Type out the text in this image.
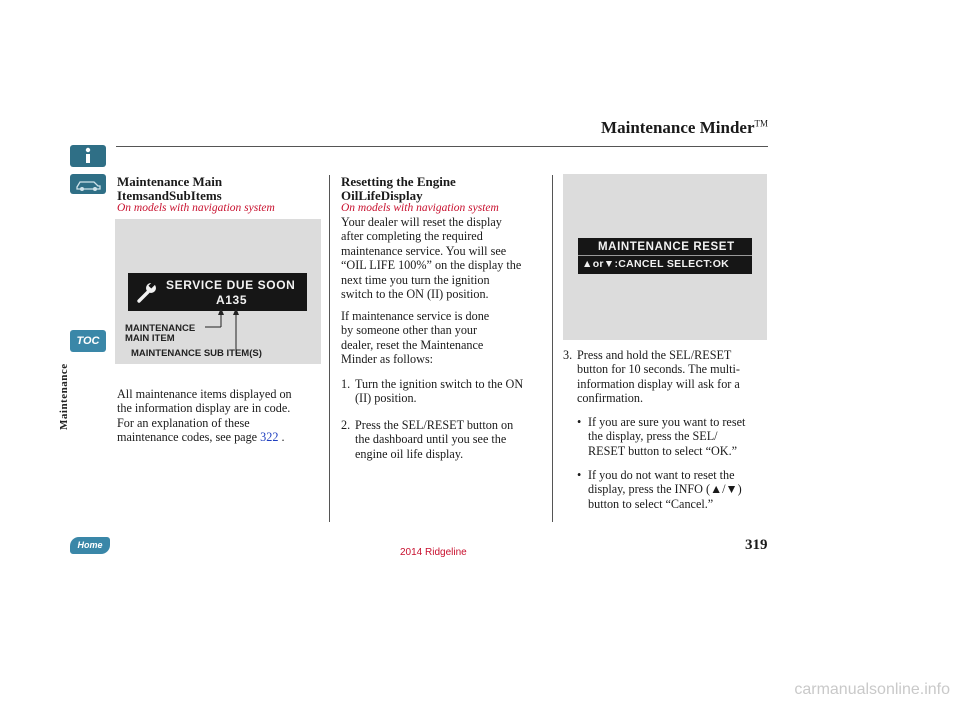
TOC
Maintenance
Home
Maintenance Minder™
Maintenance Main
ItemsandSubItems
On models with navigation system
SERVICE DUE SOON
A135
MAINTENANCE
MAIN ITEM
MAINTENANCE SUB ITEM(S)

All maintenance items displayed on

the information display are in code.

For an explanation of these

maintenance codes, see page 322 .

Resetting the Engine
OilLifeDisplay
On models with navigation system

Your dealer will reset the display

after completing the required

maintenance service. You will see

“OIL LIFE 100%” on the display the

next time you turn the ignition

switch to the ON (II) position.

If maintenance service is done

by someone other than your

dealer, reset the Maintenance

Minder as follows:

1. Turn the ignition switch to the ON
(II) position.
2. Press the SEL/RESET button on
the dashboard until you see the
engine oil life display.
MAINTENANCE RESET
▲or▼:CANCEL SELECT:OK
3. Press and hold the SEL/RESET
button for 10 seconds. The multi-
information display will ask for a
confirmation.
• If you are sure you want to reset
the display, press the SEL/
RESET button to select “OK.”
• If you do not want to reset the
display, press the INFO (▲/▼)
button to select “Cancel.”
2014 Ridgeline	319
carmanualsonline.info
